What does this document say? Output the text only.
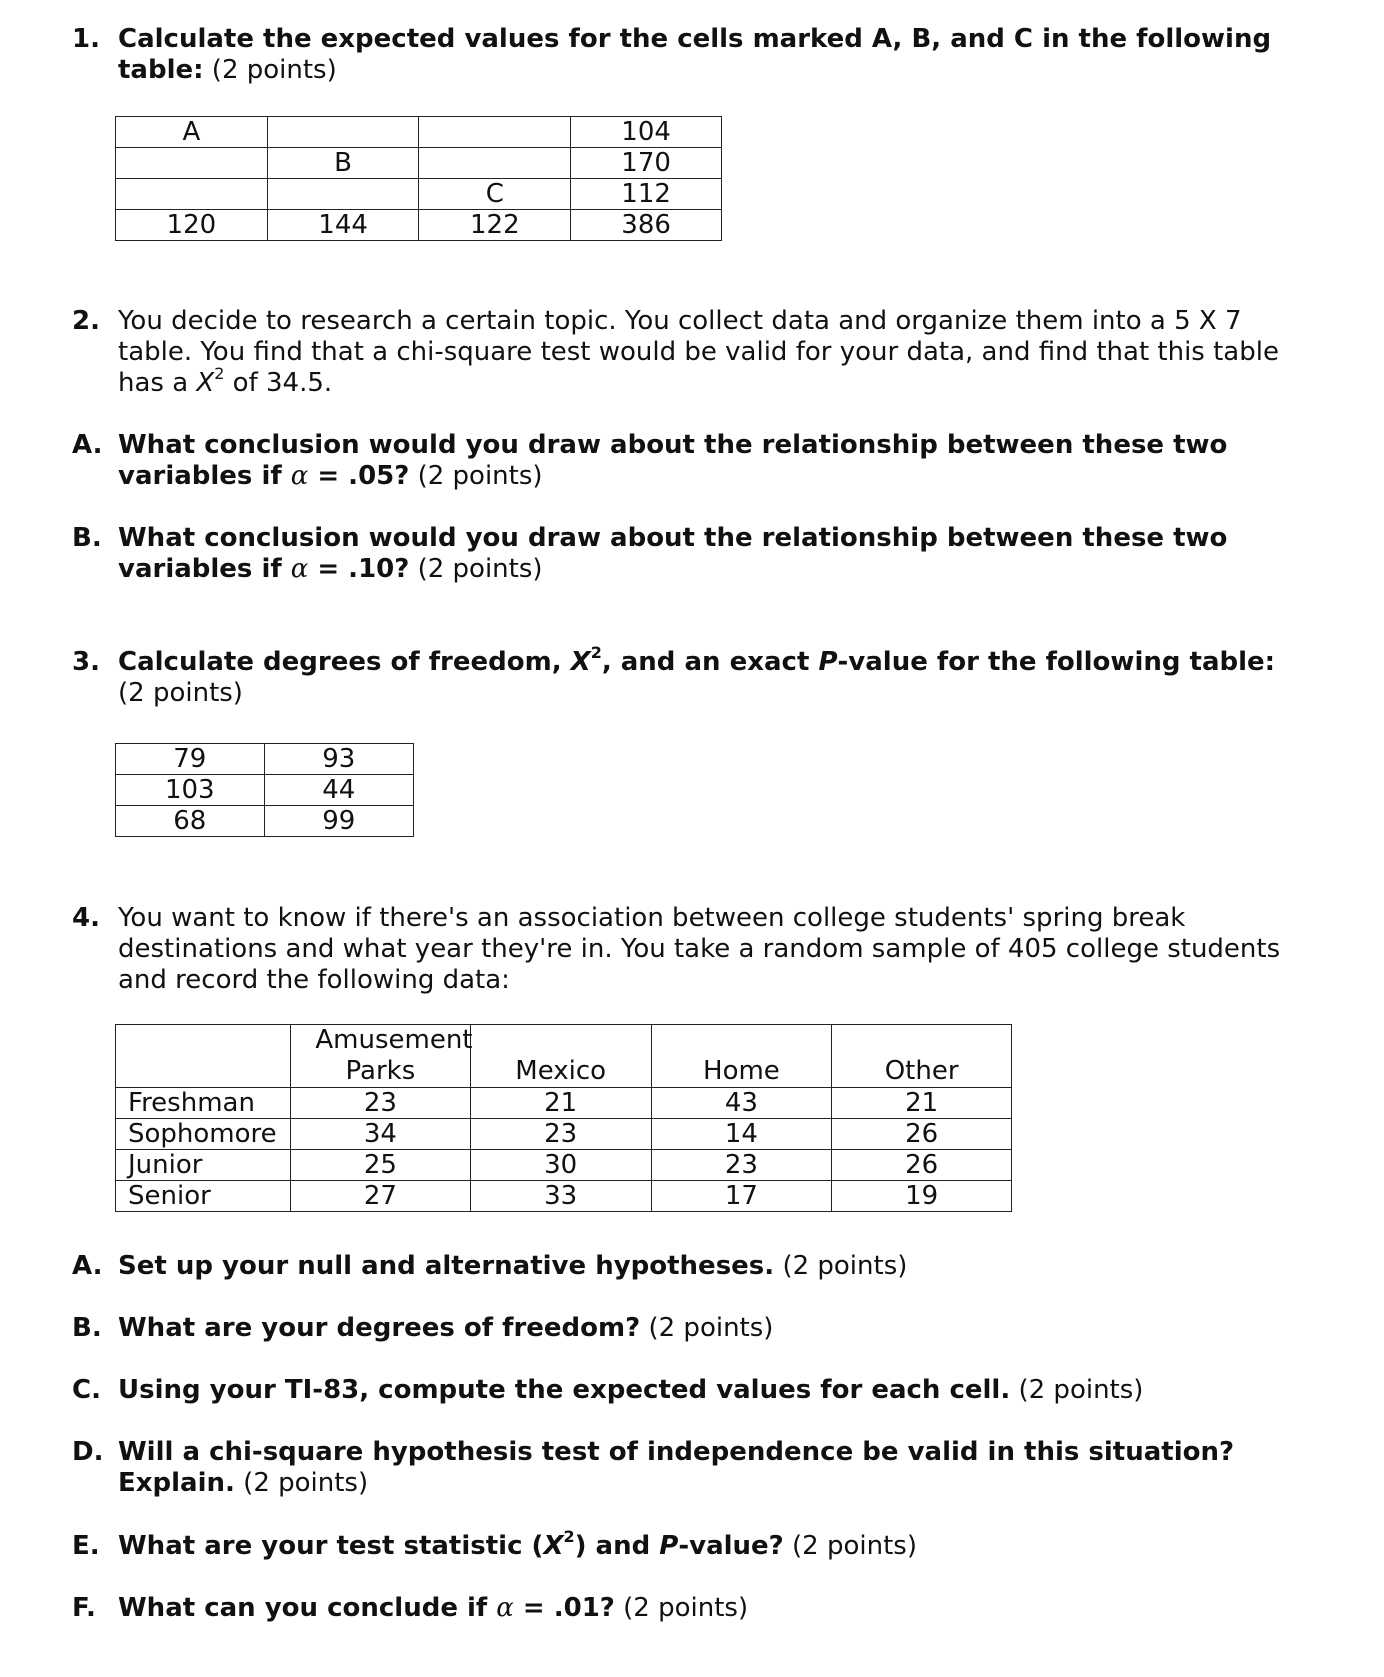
1. Calculate the expected values for the cells marked A, B, and C in the following table: (2 points)
A			104
	B		170
		C	112
120	144	122	386
2. You decide to research a certain topic. You collect data and organize them into a 5 X 7 table. You find that a chi-square test would be valid for your data, and find that this table has a $X^2$ of 34.5.
A. What conclusion would you draw about the relationship between these two variables if α = .05? (2 points)
B. What conclusion would you draw about the relationship between these two variables if α = .10? (2 points)
3. Calculate degrees of freedom, $X^2$, and an exact P-value for the following table:
(2 points)
79	93
103	44
68	99
4. You want to know if there's an association between college students' spring break destinations and what year they're in. You take a random sample of 405 college students and record the following data:

	Amusement Parks	Mexico	Home	Other
Freshman	23	21	43	21
Sophomore	34	23	14	26
Junior	25	30	23	26
Senior	27	33	17	19
A. Set up your null and alternative hypotheses. (2 points)
B. What are your degrees of freedom? (2 points)
C. Using your TI-83, compute the expected values for each cell. (2 points)
D. Will a chi-square hypothesis test of independence be valid in this situation? Explain. (2 points)
E. What are your test statistic $(X^2)$ and P-value? (2 points)
F. What can you conclude if α = .01? (2 points)
